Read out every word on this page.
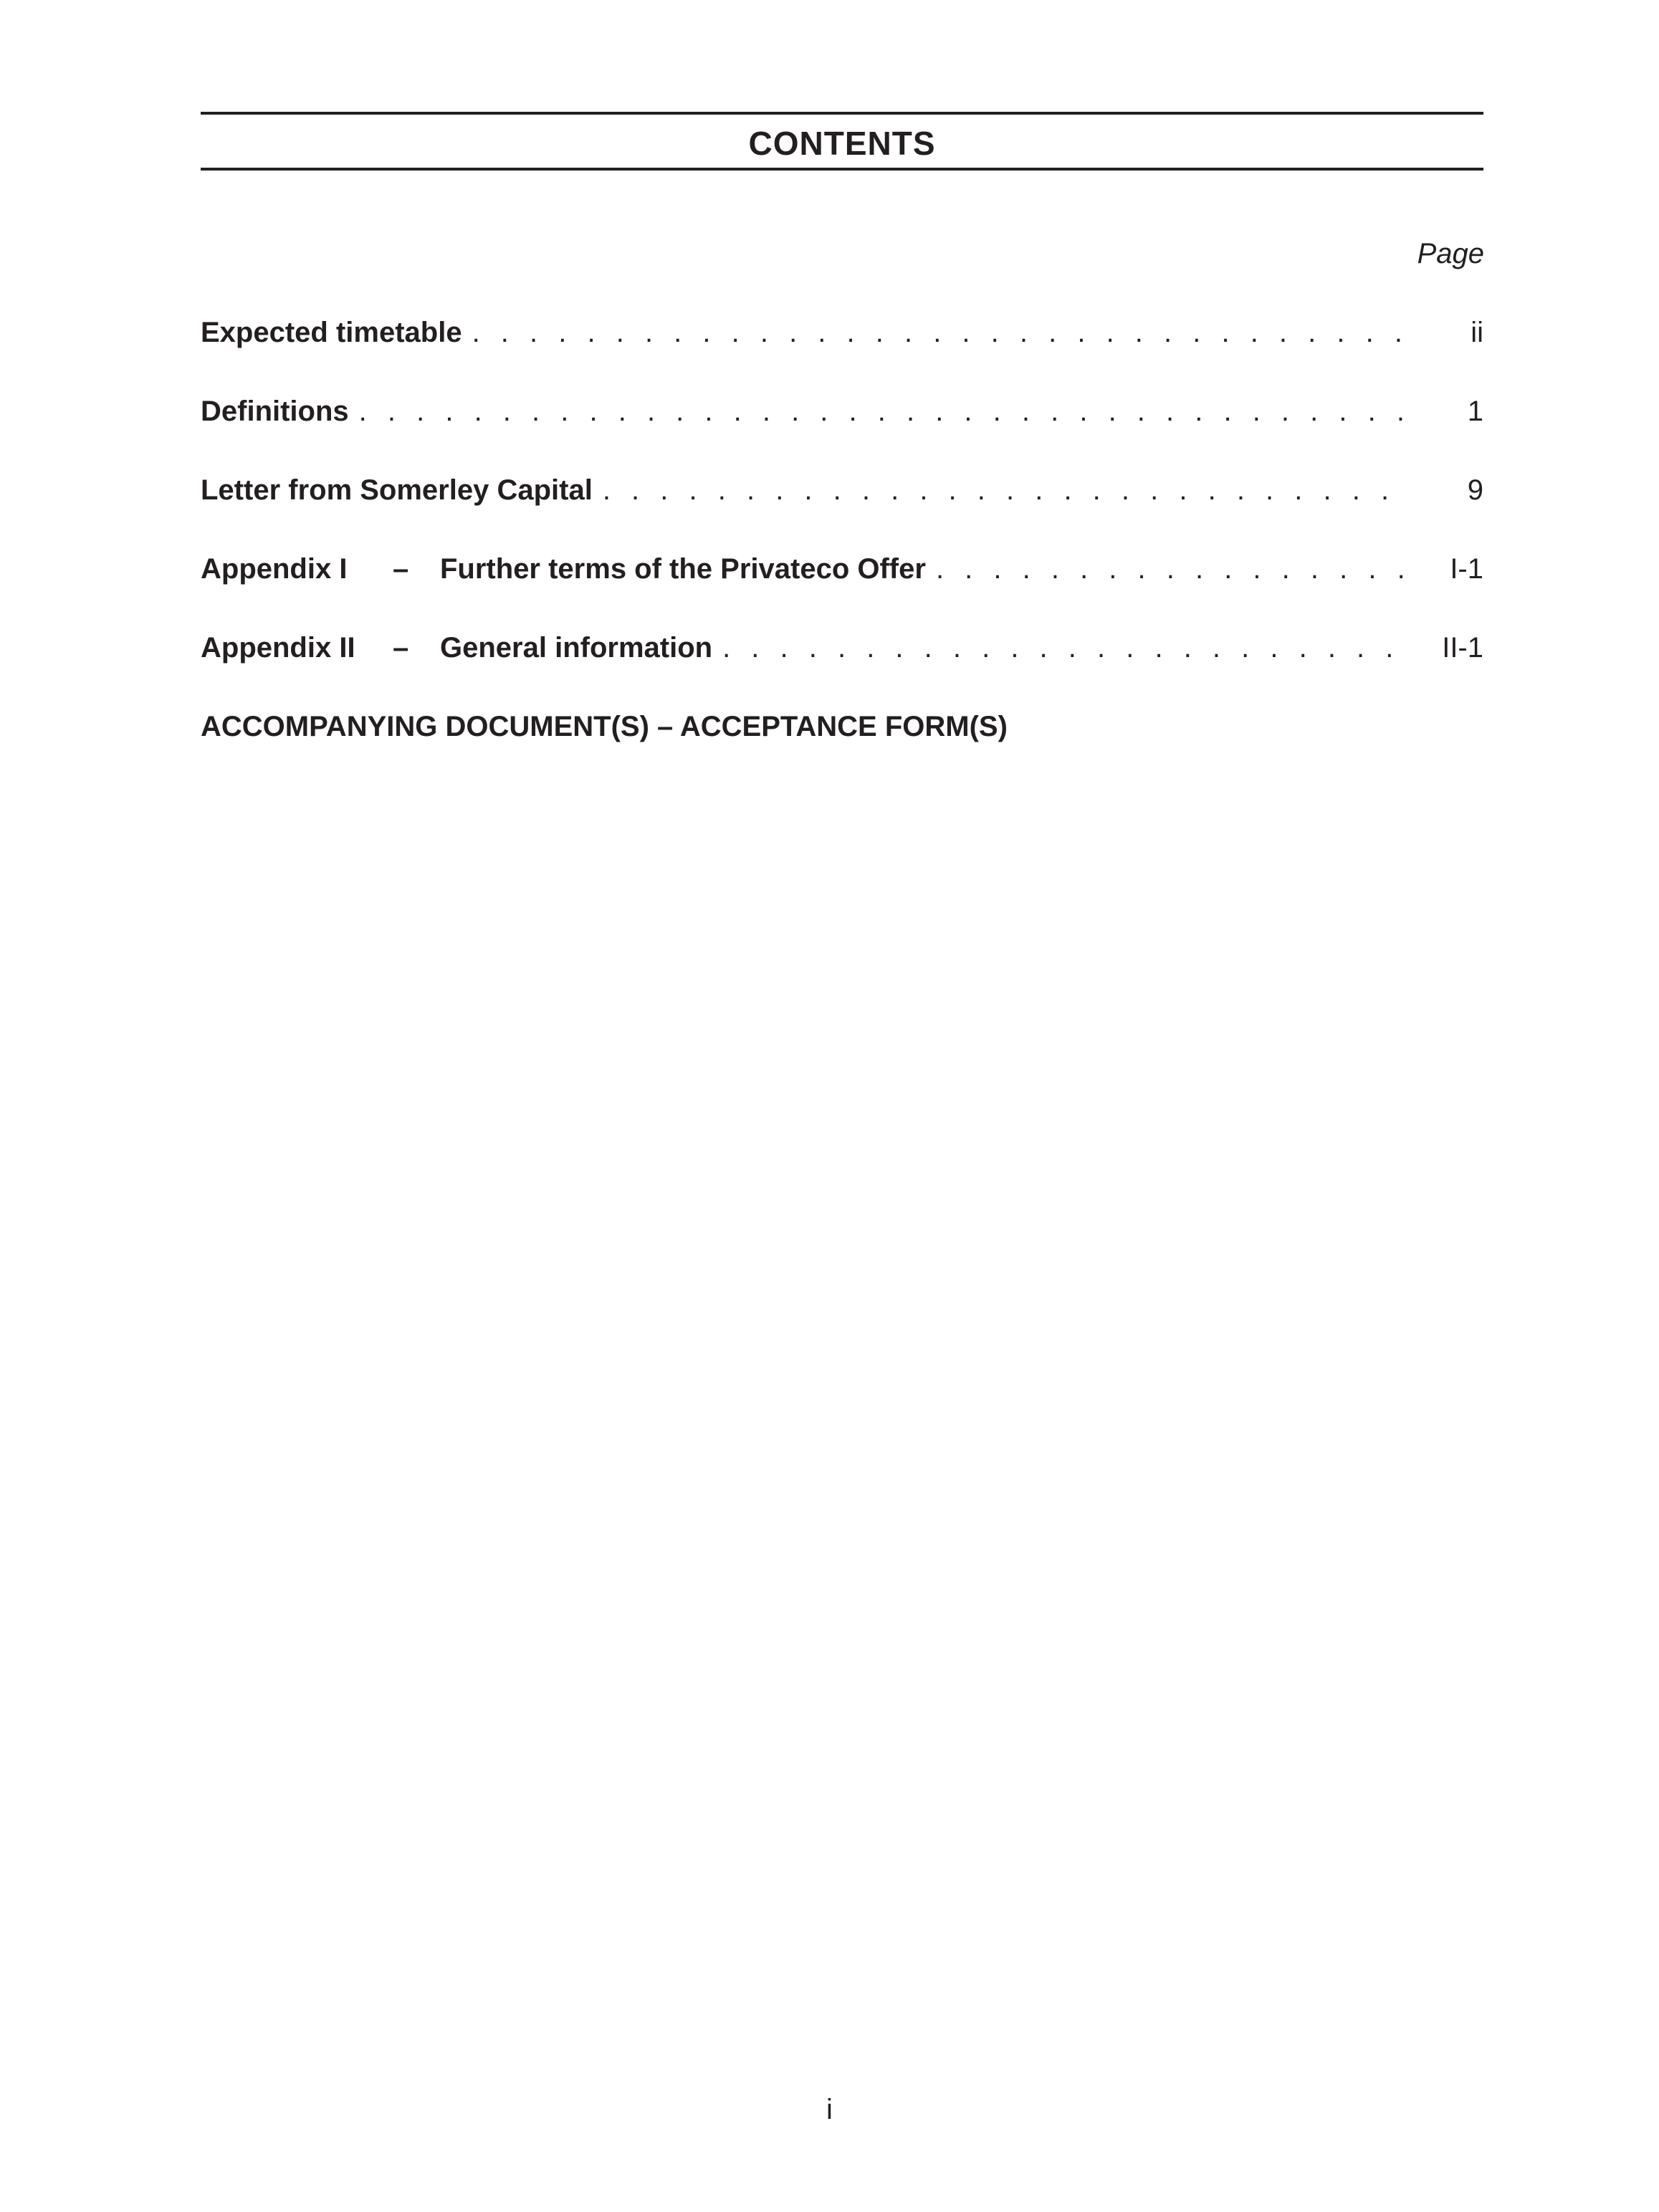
CONTENTS
Page
Expected timetable . . .	ii
Definitions . . .	1
Letter from Somerley Capital . . .	9
Appendix I	–	Further terms of the Privateco Offer . . .	I-1
Appendix II	–	General information . . .	II-1
ACCOMPANYING DOCUMENT(S) – ACCEPTANCE FORM(S)
i
